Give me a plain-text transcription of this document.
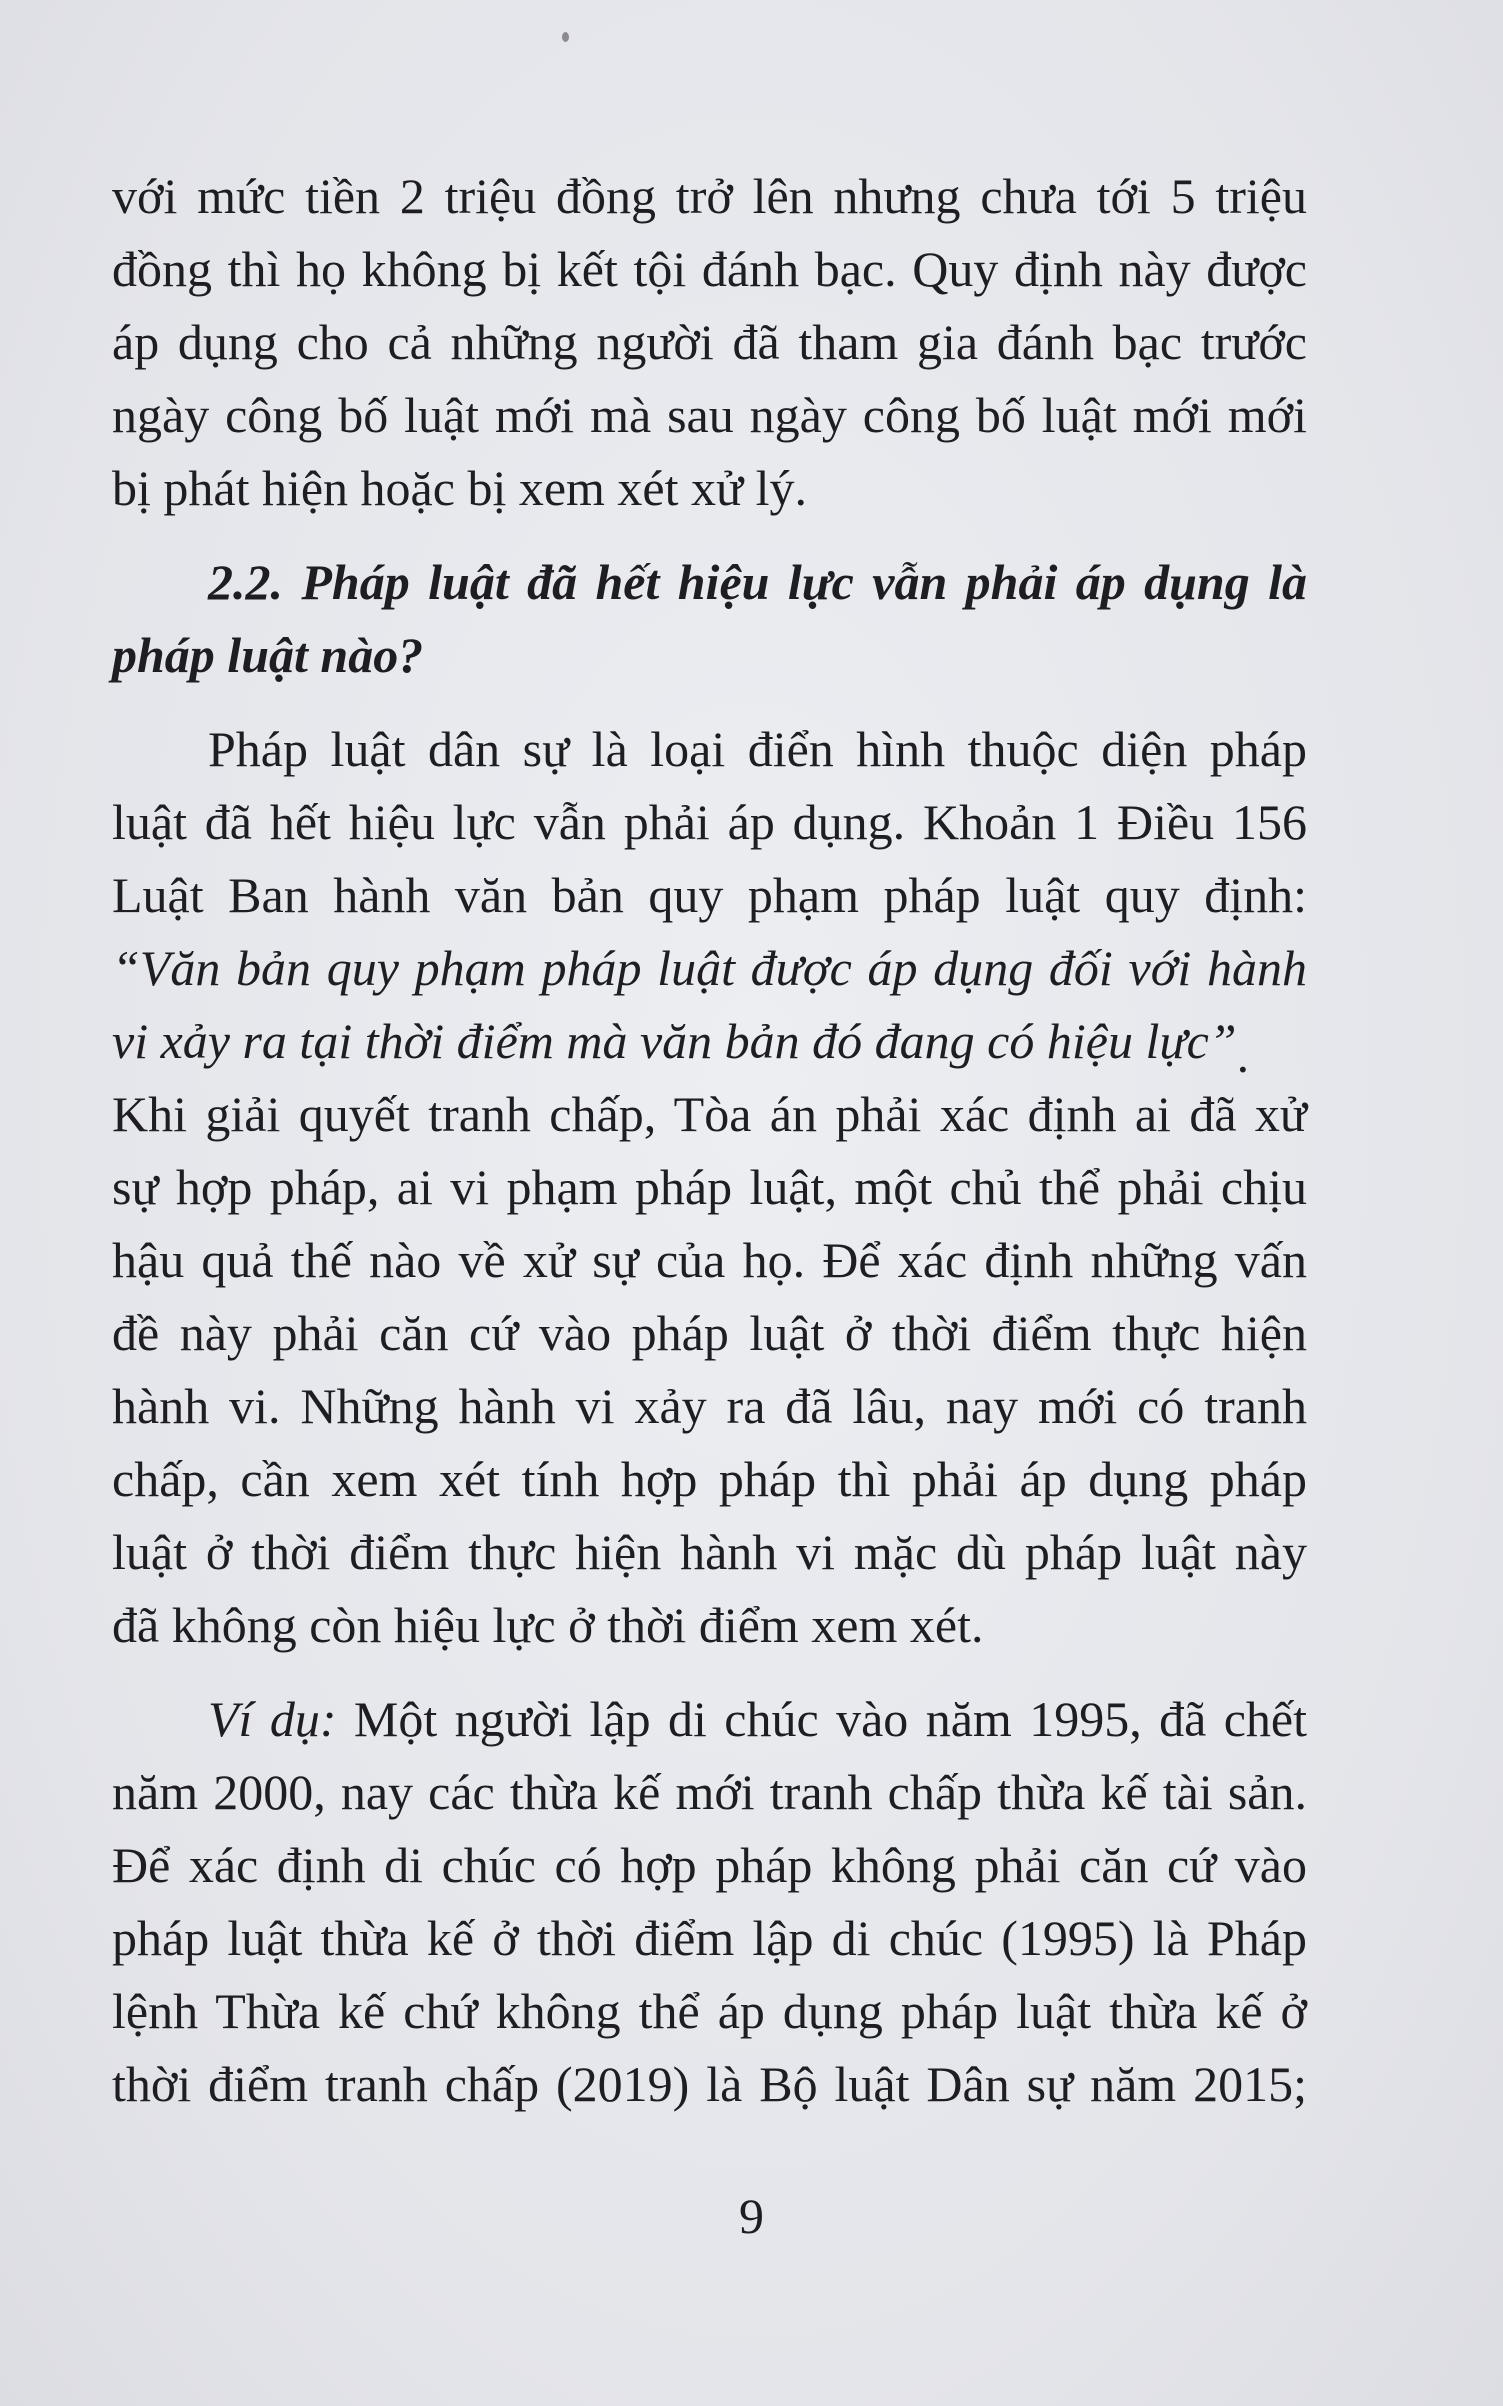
với mức tiền 2 triệu đồng trở lên nhưng chưa tới 5 triệu
đồng thì họ không bị kết tội đánh bạc. Quy định này được
áp dụng cho cả những người đã tham gia đánh bạc trước
ngày công bố luật mới mà sau ngày công bố luật mới mới
bị phát hiện hoặc bị xem xét xử lý.
2.2. Pháp luật đã hết hiệu lực vẫn phải áp dụng là
pháp luật nào?
Pháp luật dân sự là loại điển hình thuộc diện pháp
luật đã hết hiệu lực vẫn phải áp dụng. Khoản 1 Điều 156
Luật Ban hành văn bản quy phạm pháp luật quy định:
“Văn bản quy phạm pháp luật được áp dụng đối với hành
vi xảy ra tại thời điểm mà văn bản đó đang có hiệu lực”.
Khi giải quyết tranh chấp, Tòa án phải xác định ai đã xử
sự hợp pháp, ai vi phạm pháp luật, một chủ thể phải chịu
hậu quả thế nào về xử sự của họ. Để xác định những vấn
đề này phải căn cứ vào pháp luật ở thời điểm thực hiện
hành vi. Những hành vi xảy ra đã lâu, nay mới có tranh
chấp, cần xem xét tính hợp pháp thì phải áp dụng pháp
luật ở thời điểm thực hiện hành vi mặc dù pháp luật này
đã không còn hiệu lực ở thời điểm xem xét.
Ví dụ: Một người lập di chúc vào năm 1995, đã chết
năm 2000, nay các thừa kế mới tranh chấp thừa kế tài sản.
Để xác định di chúc có hợp pháp không phải căn cứ vào
pháp luật thừa kế ở thời điểm lập di chúc (1995) là Pháp
lệnh Thừa kế chứ không thể áp dụng pháp luật thừa kế ở
thời điểm tranh chấp (2019) là Bộ luật Dân sự năm 2015;
9
